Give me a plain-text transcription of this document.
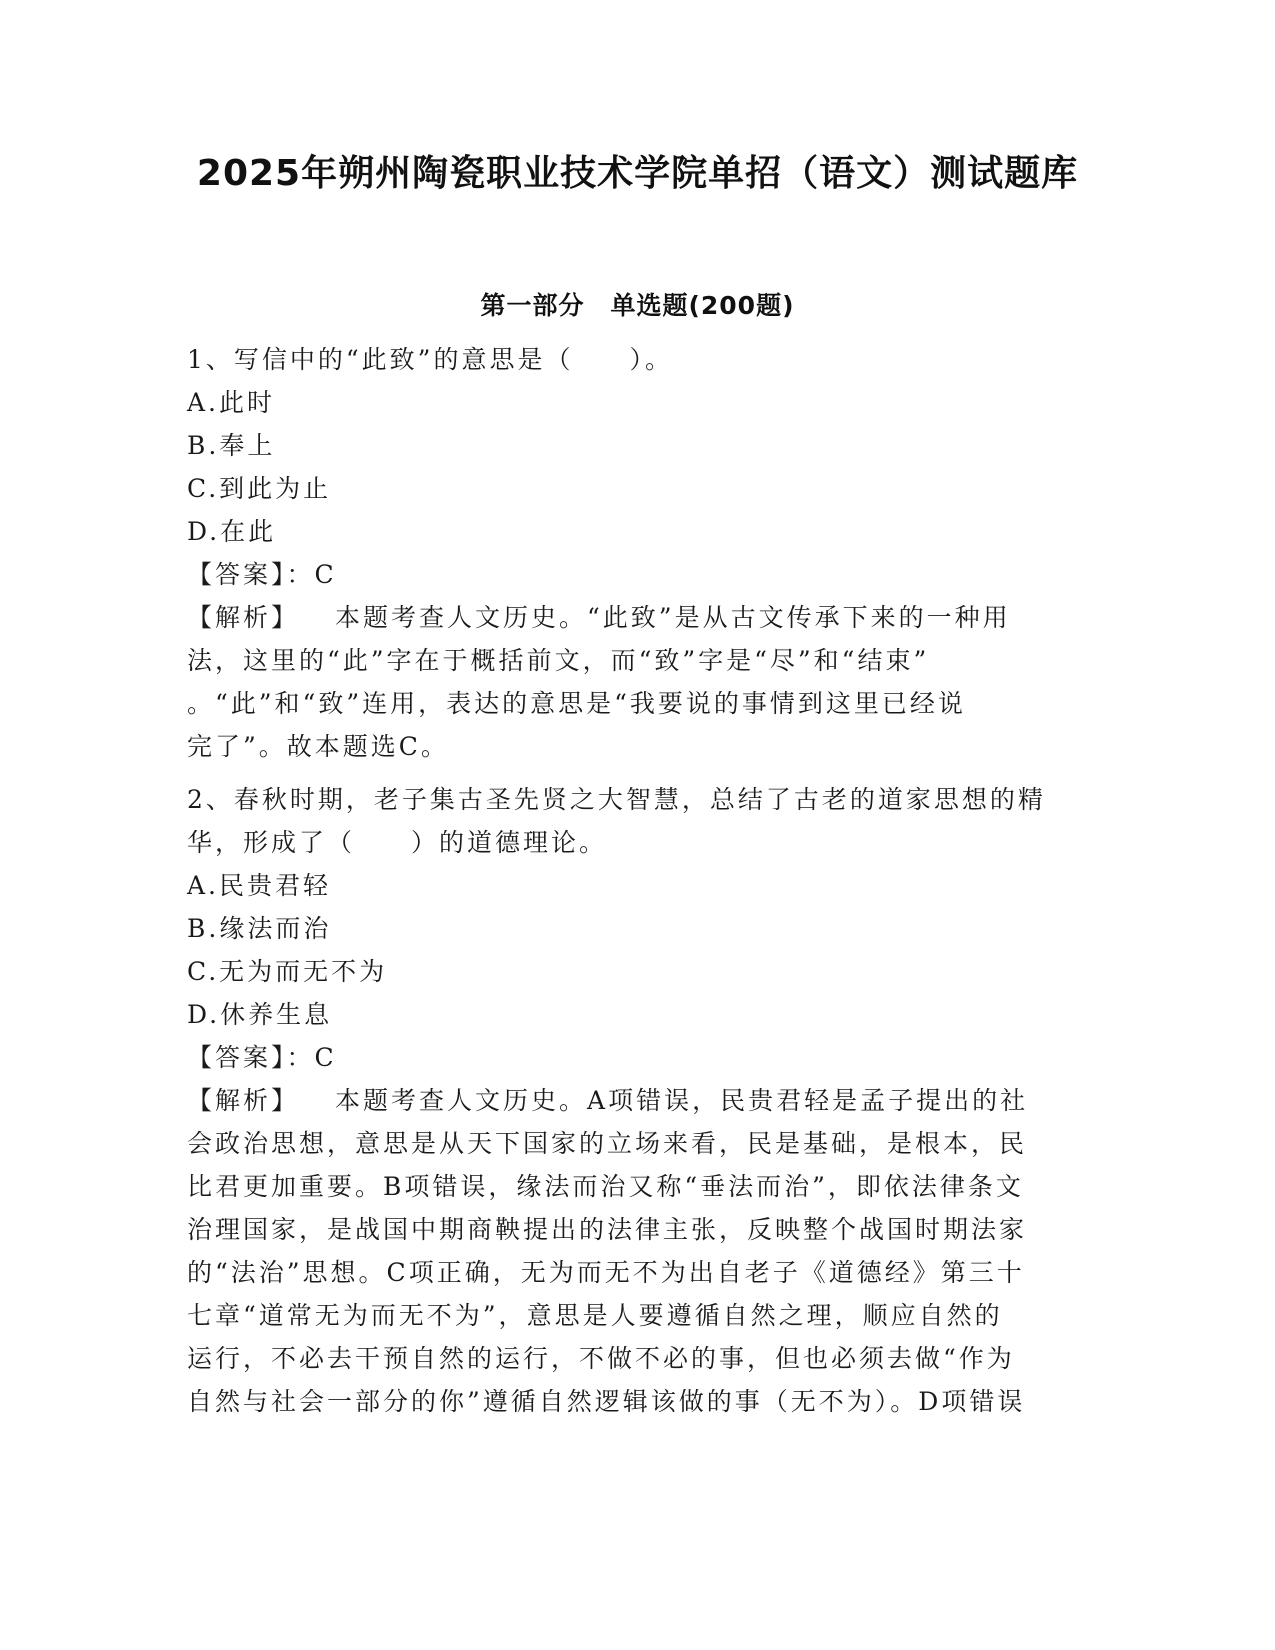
2025年朔州陶瓷职业技术学院单招（语文）测试题库
第一部分　单选题(200题)
1、写信中的“此致”的意思是（　　）。
A.此时
B.奉上
C.到此为止
D.在此
【答案】：C
【解析】 本题考查人文历史。“此致”是从古文传承下来的一种用
法，这里的“此”字在于概括前文，而“致”字是“尽”和“结束”
。“此”和“致”连用，表达的意思是“我要说的事情到这里已经说
完了”。故本题选C。
2、春秋时期，老子集古圣先贤之大智慧，总结了古老的道家思想的精
华，形成了（　　）的道德理论。
A.民贵君轻
B.缘法而治
C.无为而无不为
D.休养生息
【答案】：C
【解析】 本题考查人文历史。A项错误，民贵君轻是孟子提出的社
会政治思想，意思是从天下国家的立场来看，民是基础，是根本，民
比君更加重要。B项错误，缘法而治又称“垂法而治”，即依法律条文
治理国家，是战国中期商鞅提出的法律主张，反映整个战国时期法家
的“法治”思想。C项正确，无为而无不为出自老子《道德经》第三十
七章“道常无为而无不为”，意思是人要遵循自然之理，顺应自然的
运行，不必去干预自然的运行，不做不必的事，但也必须去做“作为
自然与社会一部分的你”遵循自然逻辑该做的事（无不为）。D项错误
